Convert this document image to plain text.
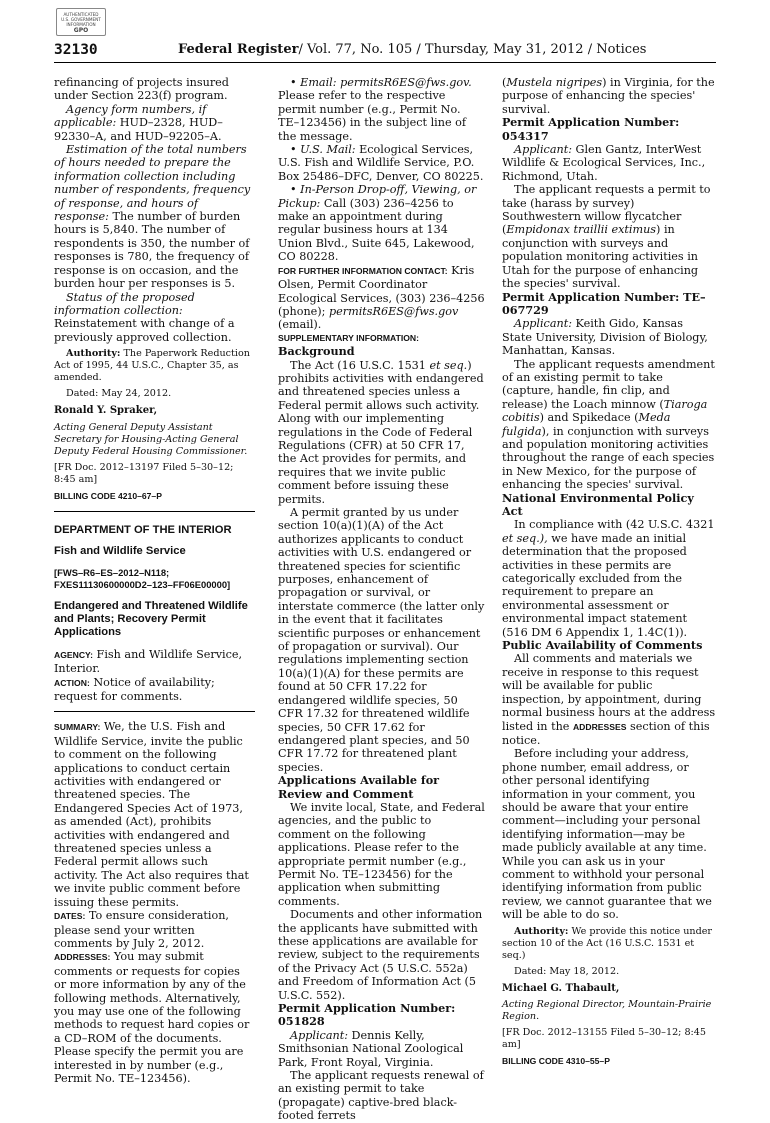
AUTHENTICATED
U.S. GOVERNMENT
INFORMATION
GPO
32130	Federal Register/ Vol. 77, No. 105 / Thursday, May 31, 2012 / Notices

refinancing of projects insured under Section 223(f) program.

Agency form numbers, if applicable: HUD–2328, HUD–92330–A, and HUD–92205–A.

Estimation of the total numbers of hours needed to prepare the information collection including number of respondents, frequency of response, and hours of response: The number of burden hours is 5,840. The number of respondents is 350, the number of responses is 780, the frequency of response is on occasion, and the burden hour per responses is 5.

Status of the proposed information collection: Reinstatement with change of a previously approved collection.

Authority: The Paperwork Reduction Act of 1995, 44 U.S.C., Chapter 35, as amended.

Dated: May 24, 2012.

Ronald Y. Spraker,

Acting General Deputy Assistant Secretary for Housing-Acting General Deputy Federal Housing Commissioner.

[FR Doc. 2012–13197 Filed 5–30–12; 8:45 am]

BILLING CODE 4210–67–P

DEPARTMENT OF THE INTERIOR

Fish and Wildlife Service

[FWS–R6–ES–2012–N118; FXES11130600000D2–123–FF06E00000]

Endangered and Threatened Wildlife and Plants; Recovery Permit Applications

AGENCY: Fish and Wildlife Service, Interior.

ACTION: Notice of availability; request for comments.

SUMMARY: We, the U.S. Fish and Wildlife Service, invite the public to comment on the following applications to conduct certain activities with endangered or threatened species. The Endangered Species Act of 1973, as amended (Act), prohibits activities with endangered and threatened species unless a Federal permit allows such activity. The Act also requires that we invite public comment before issuing these permits.

DATES: To ensure consideration, please send your written comments by July 2, 2012.

ADDRESSES: You may submit comments or requests for copies or more information by any of the following methods. Alternatively, you may use one of the following methods to request hard copies or a CD–ROM of the documents. Please specify the permit you are interested in by number (e.g., Permit No. TE–123456).

• Email: permitsR6ES@fws.gov. Please refer to the respective permit number (e.g., Permit No. TE–123456) in the subject line of the message.

• U.S. Mail: Ecological Services, U.S. Fish and Wildlife Service, P.O. Box 25486–DFC, Denver, CO 80225.

• In-Person Drop-off, Viewing, or Pickup: Call (303) 236–4256 to make an appointment during regular business hours at 134 Union Blvd., Suite 645, Lakewood, CO 80228.

FOR FURTHER INFORMATION CONTACT: Kris Olsen, Permit Coordinator Ecological Services, (303) 236–4256 (phone); permitsR6ES@fws.gov (email).

SUPPLEMENTARY INFORMATION:

Background

The Act (16 U.S.C. 1531 et seq.) prohibits activities with endangered and threatened species unless a Federal permit allows such activity. Along with our implementing regulations in the Code of Federal Regulations (CFR) at 50 CFR 17, the Act provides for permits, and requires that we invite public comment before issuing these permits.

A permit granted by us under section 10(a)(1)(A) of the Act authorizes applicants to conduct activities with U.S. endangered or threatened species for scientific purposes, enhancement of propagation or survival, or interstate commerce (the latter only in the event that it facilitates scientific purposes or enhancement of propagation or survival). Our regulations implementing section 10(a)(1)(A) for these permits are found at 50 CFR 17.22 for endangered wildlife species, 50 CFR 17.32 for threatened wildlife species, 50 CFR 17.62 for endangered plant species, and 50 CFR 17.72 for threatened plant species.

Applications Available for Review and Comment

We invite local, State, and Federal agencies, and the public to comment on the following applications. Please refer to the appropriate permit number (e.g., Permit No. TE–123456) for the application when submitting comments.

Documents and other information the applicants have submitted with these applications are available for review, subject to the requirements of the Privacy Act (5 U.S.C. 552a) and Freedom of Information Act (5 U.S.C. 552).

Permit Application Number: 051828

Applicant: Dennis Kelly, Smithsonian National Zoological Park, Front Royal, Virginia.

The applicant requests renewal of an existing permit to take (propagate) captive-bred black-footed ferrets

(Mustela nigripes) in Virginia, for the purpose of enhancing the species' survival.

Permit Application Number: 054317

Applicant: Glen Gantz, InterWest Wildlife & Ecological Services, Inc., Richmond, Utah.

The applicant requests a permit to take (harass by survey) Southwestern willow flycatcher (Empidonax traillii extimus) in conjunction with surveys and population monitoring activities in Utah for the purpose of enhancing the species' survival.

Permit Application Number: TE–067729

Applicant: Keith Gido, Kansas State University, Division of Biology, Manhattan, Kansas.

The applicant requests amendment of an existing permit to take (capture, handle, fin clip, and release) the Loach minnow (Tiaroga cobitis) and Spikedace (Meda fulgida), in conjunction with surveys and population monitoring activities throughout the range of each species in New Mexico, for the purpose of enhancing the species' survival.

National Environmental Policy Act

In compliance with (42 U.S.C. 4321 et seq.), we have made an initial determination that the proposed activities in these permits are categorically excluded from the requirement to prepare an environmental assessment or environmental impact statement (516 DM 6 Appendix 1, 1.4C(1)).

Public Availability of Comments

All comments and materials we receive in response to this request will be available for public inspection, by appointment, during normal business hours at the address listed in the ADDRESSES section of this notice.

Before including your address, phone number, email address, or other personal identifying information in your comment, you should be aware that your entire comment—including your personal identifying information—may be made publicly available at any time. While you can ask us in your comment to withhold your personal identifying information from public review, we cannot guarantee that we will be able to do so.

Authority: We provide this notice under section 10 of the Act (16 U.S.C. 1531 et seq.)

Dated: May 18, 2012.

Michael G. Thabault,

Acting Regional Director, Mountain-Prairie Region.

[FR Doc. 2012–13155 Filed 5–30–12; 8:45 am]

BILLING CODE 4310–55–P
